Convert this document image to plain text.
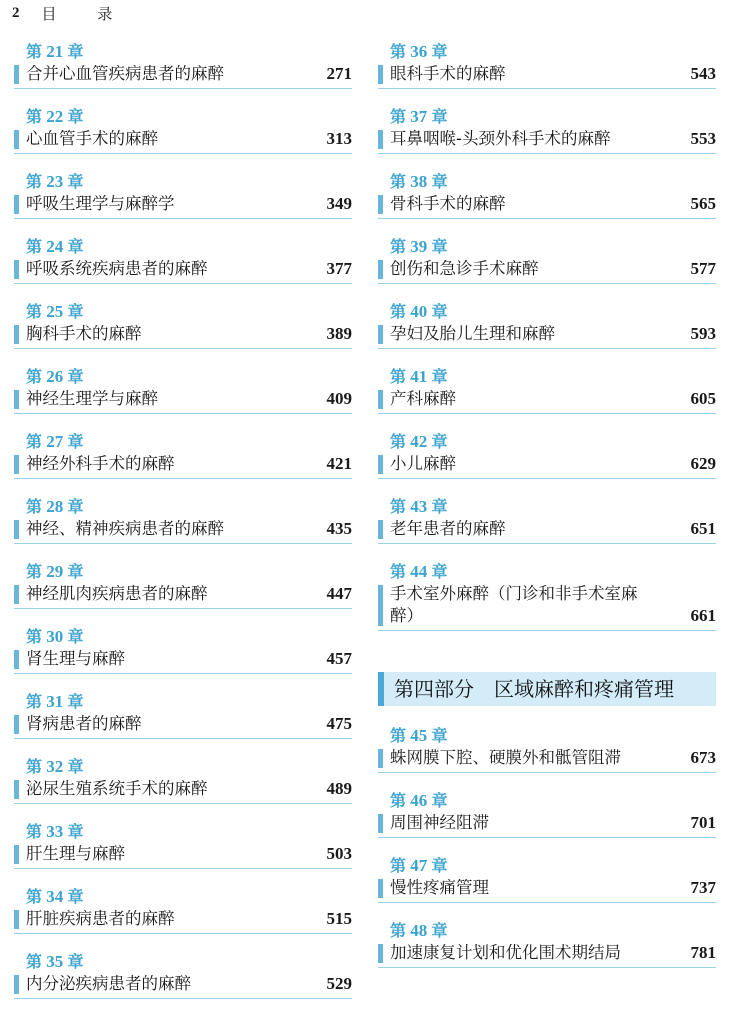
2 目 录
第 21 章
合并心血管疾病患者的麻醉	271
第 22 章
心血管手术的麻醉	313
第 23 章
呼吸生理学与麻醉学	349
第 24 章
呼吸系统疾病患者的麻醉	377
第 25 章
胸科手术的麻醉	389
第 26 章
神经生理学与麻醉	409
第 27 章
神经外科手术的麻醉	421
第 28 章
神经、精神疾病患者的麻醉	435
第 29 章
神经肌肉疾病患者的麻醉	447
第 30 章
肾生理与麻醉	457
第 31 章
肾病患者的麻醉	475
第 32 章
泌尿生殖系统手术的麻醉	489
第 33 章
肝生理与麻醉	503
第 34 章
肝脏疾病患者的麻醉	515
第 35 章
内分泌疾病患者的麻醉	529
第 36 章
眼科手术的麻醉	543
第 37 章
耳鼻咽喉-头颈外科手术的麻醉	553
第 38 章
骨科手术的麻醉	565
第 39 章
创伤和急诊手术麻醉	577
第 40 章
孕妇及胎儿生理和麻醉	593
第 41 章
产科麻醉	605
第 42 章
小儿麻醉	629
第 43 章
老年患者的麻醉	651
第 44 章
手术室外麻醉（门诊和非手术室麻醉）	661
第四部分　区域麻醉和疼痛管理
第 45 章
蛛网膜下腔、硬膜外和骶管阻滞	673
第 46 章
周围神经阻滞	701
第 47 章
慢性疼痛管理	737
第 48 章
加速康复计划和优化围术期结局	781
